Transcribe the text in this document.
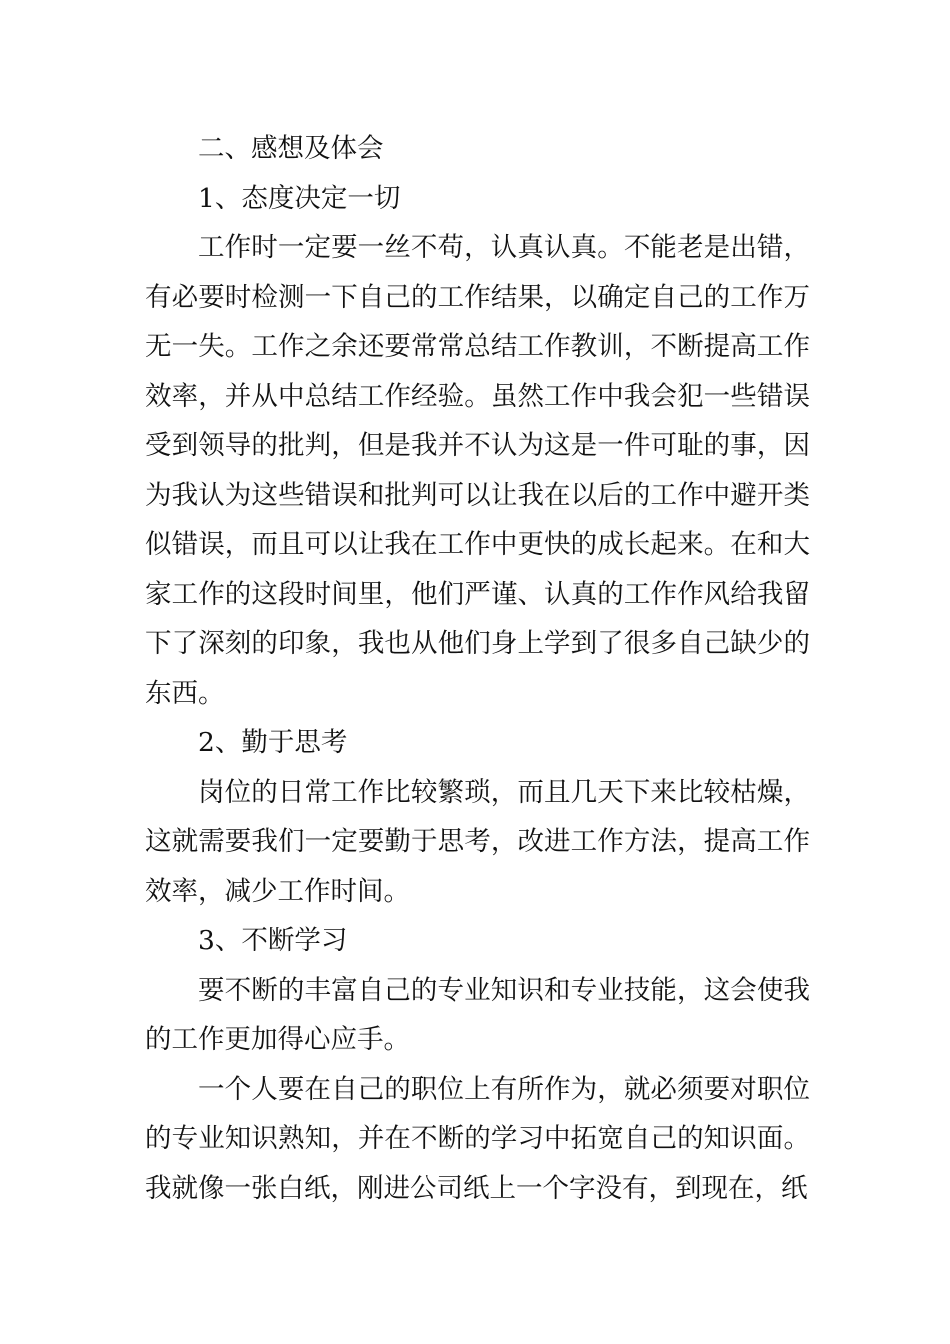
二、感想及体会

1、态度决定一切

工作时一定要一丝不苟，认真认真。不能老是出错，有必要时检测一下自己的工作结果，以确定自己的工作万无一失。工作之余还要常常总结工作教训，不断提高工作效率，并从中总结工作经验。虽然工作中我会犯一些错误受到领导的批判，但是我并不认为这是一件可耻的事，因为我认为这些错误和批判可以让我在以后的工作中避开类似错误，而且可以让我在工作中更快的成长起来。在和大家工作的这段时间里，他们严谨、认真的工作作风给我留下了深刻的印象，我也从他们身上学到了很多自己缺少的东西。

2、勤于思考

岗位的日常工作比较繁琐，而且几天下来比较枯燥，这就需要我们一定要勤于思考，改进工作方法，提高工作效率，减少工作时间。

3、不断学习

要不断的丰富自己的专业知识和专业技能，这会使我的工作更加得心应手。

一个人要在自己的职位上有所作为，就必须要对职位的专业知识熟知，并在不断的学习中拓宽自己的知识面。我就像一张白纸，刚进公司纸上一个字没有，到现在，纸
